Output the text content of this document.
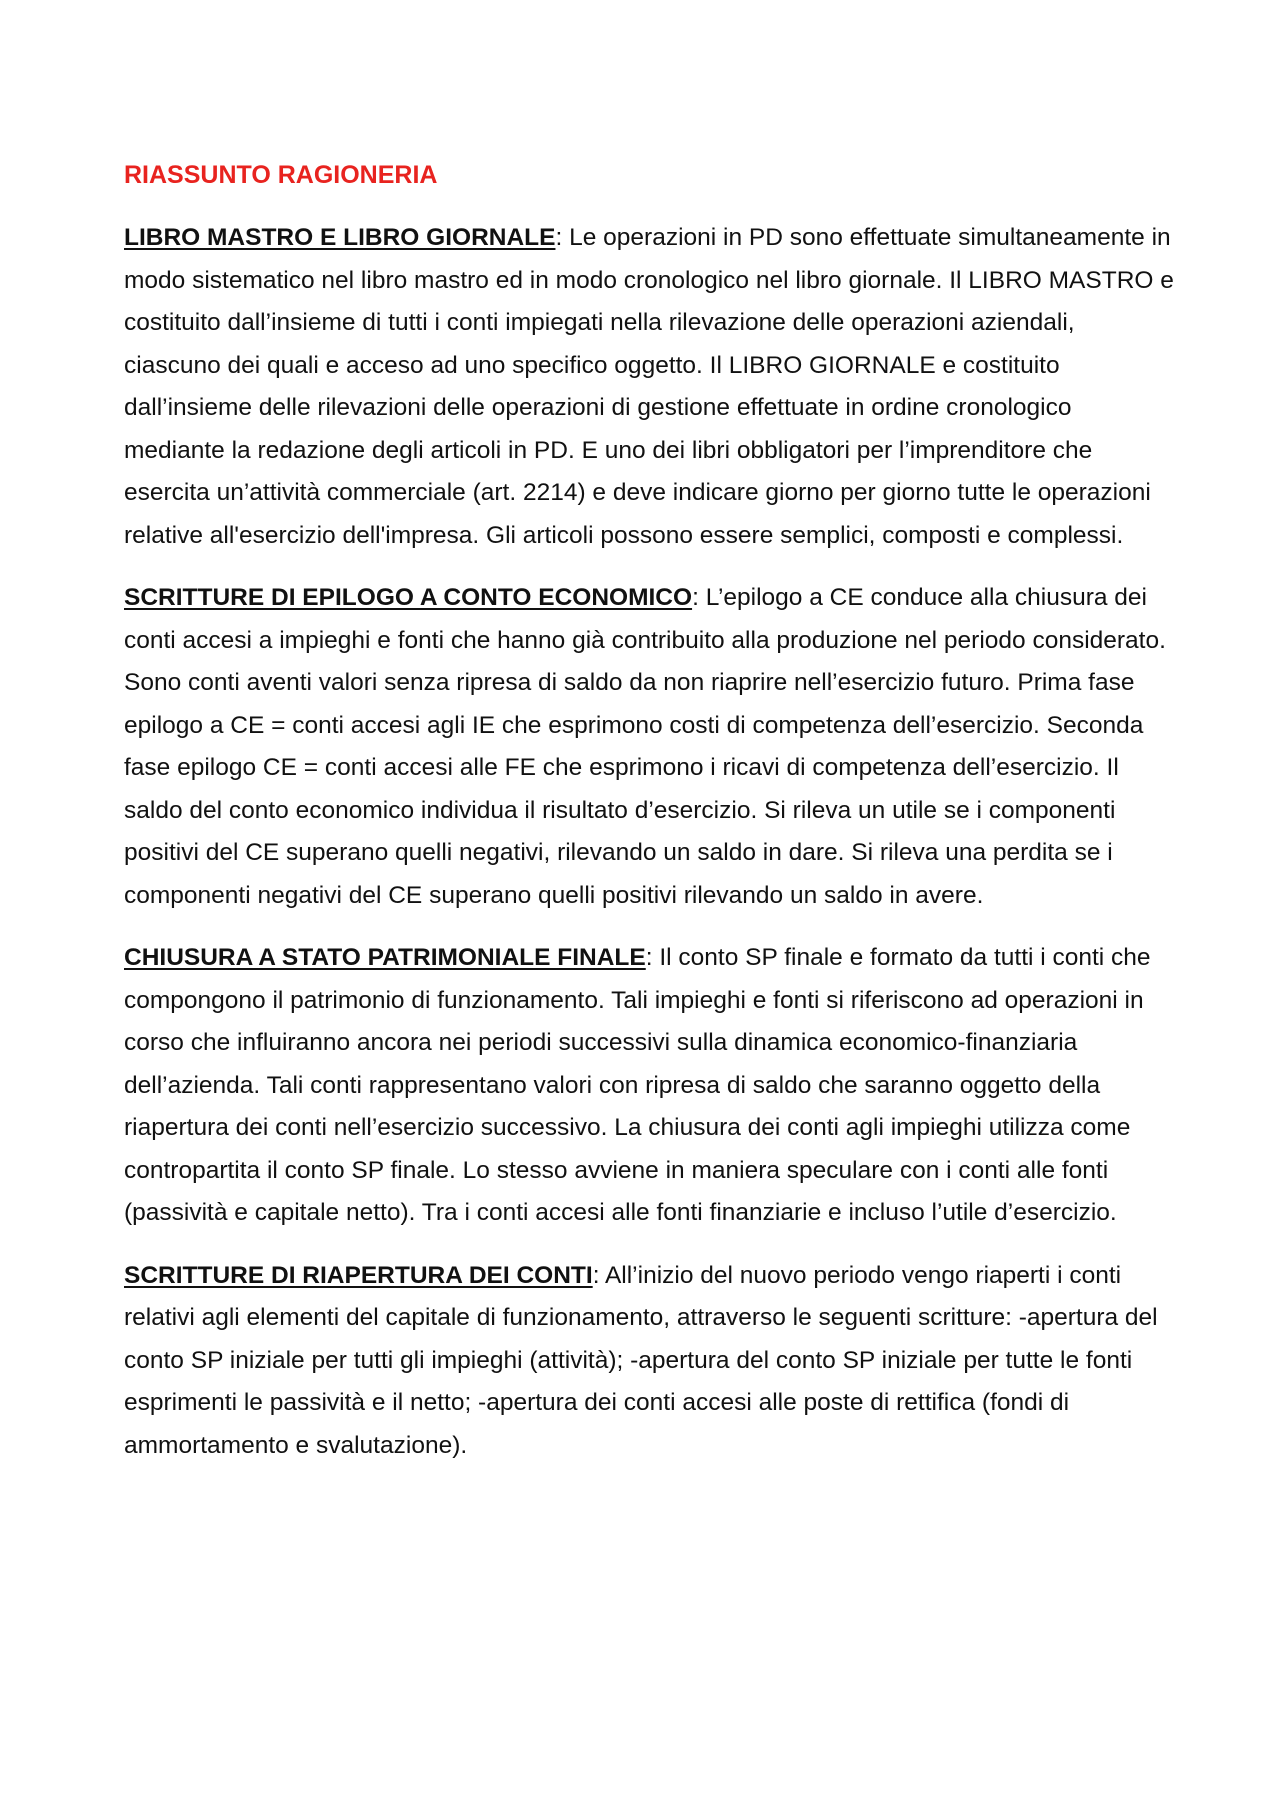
RIASSUNTO RAGIONERIA

LIBRO MASTRO E LIBRO GIORNALE: Le operazioni in PD sono effettuate simultaneamente in modo sistematico nel libro mastro ed in modo cronologico nel libro giornale. Il LIBRO MASTRO e costituito dall’insieme di tutti i conti impiegati nella rilevazione delle operazioni aziendali, ciascuno dei quali e acceso ad uno specifico oggetto. Il LIBRO GIORNALE e costituito dall’insieme delle rilevazioni delle operazioni di gestione effettuate in ordine cronologico mediante la redazione degli articoli in PD. E uno dei libri obbligatori per l’imprenditore che esercita un’attività commerciale (art. 2214) e deve indicare giorno per giorno tutte le operazioni relative all'esercizio dell'impresa. Gli articoli possono essere semplici, composti e complessi.

SCRITTURE DI EPILOGO A CONTO ECONOMICO: L’epilogo a CE conduce alla chiusura dei conti accesi a impieghi e fonti che hanno già contribuito alla produzione nel periodo considerato. Sono conti aventi valori senza ripresa di saldo da non riaprire nell’esercizio futuro. Prima fase epilogo a CE = conti accesi agli IE che esprimono costi di competenza dell’esercizio. Seconda fase epilogo CE = conti accesi alle FE che esprimono i ricavi di competenza dell’esercizio. Il saldo del conto economico individua il risultato d’esercizio. Si rileva un utile se i componenti positivi del CE superano quelli negativi, rilevando un saldo in dare. Si rileva una perdita se i componenti negativi del CE superano quelli positivi rilevando un saldo in avere.

CHIUSURA A STATO PATRIMONIALE FINALE: Il conto SP finale e formato da tutti i conti che compongono il patrimonio di funzionamento. Tali impieghi e fonti si riferiscono ad operazioni in corso che influiranno ancora nei periodi successivi sulla dinamica economico-finanziaria dell’azienda. Tali conti rappresentano valori con ripresa di saldo che saranno oggetto della riapertura dei conti nell’esercizio successivo. La chiusura dei conti agli impieghi utilizza come contropartita il conto SP finale. Lo stesso avviene in maniera speculare con i conti alle fonti (passività e capitale netto). Tra i conti accesi alle fonti finanziarie e incluso l’utile d’esercizio.

SCRITTURE DI RIAPERTURA DEI CONTI: All’inizio del nuovo periodo vengo riaperti i conti relativi agli elementi del capitale di funzionamento, attraverso le seguenti scritture: -apertura del conto SP iniziale per tutti gli impieghi (attività); -apertura del conto SP iniziale per tutte le fonti esprimenti le passività e il netto; -apertura dei conti accesi alle poste di rettifica (fondi di ammortamento e svalutazione).
